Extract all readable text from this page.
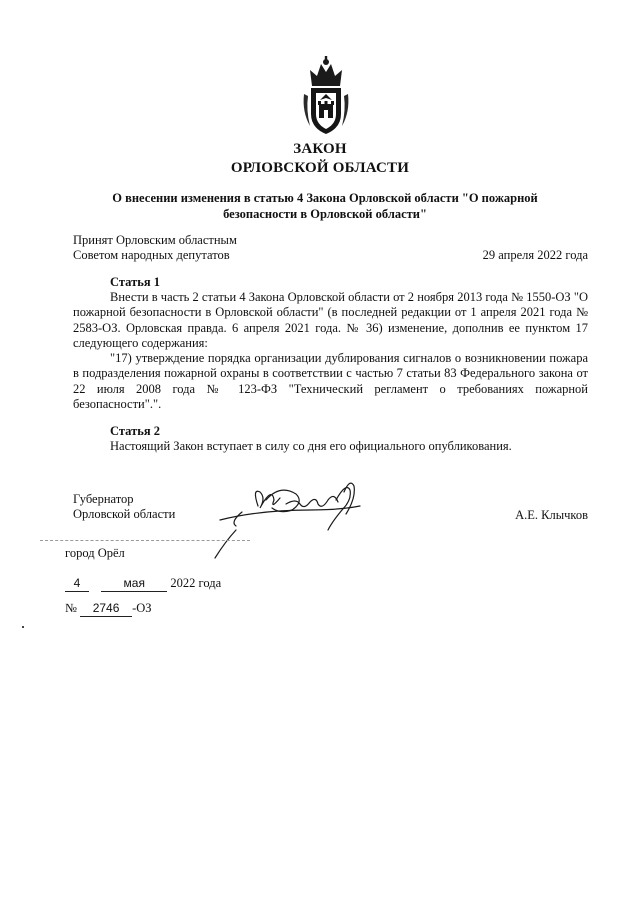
ЗАКОН
ОРЛОВСКОЙ ОБЛАСТИ
О внесении изменения в статью 4 Закона Орловской области "О пожарной безопасности в Орловской области"
Принят Орловским областным
Советом народных депутатов	29 апреля 2022 года
Статья 1
Внести в часть 2 статьи 4 Закона Орловской области от 2 ноября 2013 года № 1550-ОЗ "О пожарной безопасности в Орловской области" (в последней редакции от 1 апреля 2021 года № 2583-ОЗ. Орловская правда. 6 апреля 2021 года. № 36) изменение, дополнив ее пунктом 17 следующего содержания:
"17) утверждение порядка организации дублирования сигналов о возникновении пожара в подразделения пожарной охраны в соответствии с частью 7 статьи 83 Федерального закона от 22 июля 2008 года № 123-ФЗ "Технический регламент о требованиях пожарной безопасности".".
Статья 2
Настоящий Закон вступает в силу со дня его официального опубликования.
Губернатор
Орловской области	А.Е. Клычков
город Орёл
4	мая 2022 года
№ 2746 -ОЗ
